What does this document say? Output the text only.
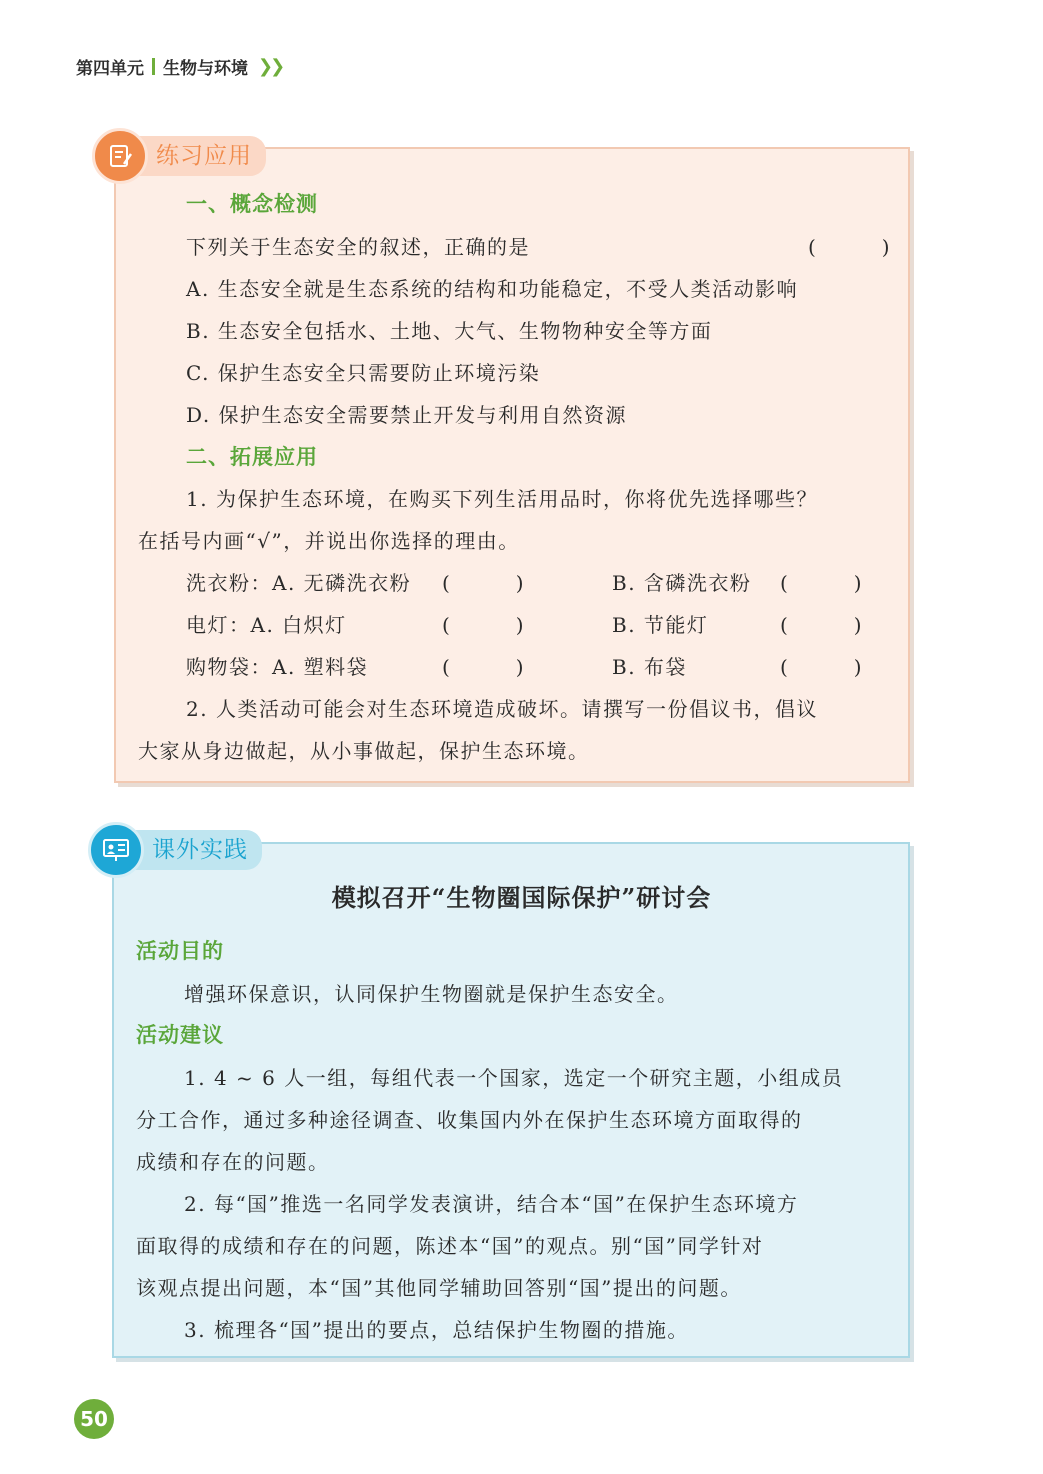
第四单元 生物与环境 ❯❯
练习应用
一、概念检测
下列关于生态安全的叙述，正确的是	(　　　)
A. 生态安全就是生态系统的结构和功能稳定，不受人类活动影响
B. 生态安全包括水、土地、大气、生物物种安全等方面
C. 保护生态安全只需要防止环境污染
D. 保护生态安全需要禁止开发与利用自然资源
二、拓展应用
1. 为保护生态环境，在购买下列生活用品时，你将优先选择哪些？
在括号内画“√”，并说出你选择的理由。
洗衣粉：A. 无磷洗衣粉 (　　　)	B. 含磷洗衣粉 (　　　)
电灯：A. 白炽灯	(　　　)	B. 节能灯	(　　　)
购物袋：A. 塑料袋	(　　　)	B. 布袋	(　　　)
2. 人类活动可能会对生态环境造成破坏。请撰写一份倡议书，倡议
大家从身边做起，从小事做起，保护生态环境。
课外实践
模拟召开“生物圈国际保护”研讨会
活动目的
增强环保意识，认同保护生物圈就是保护生态安全。
活动建议
1. 4 ~ 6 人一组，每组代表一个国家，选定一个研究主题，小组成员
分工合作，通过多种途径调查、收集国内外在保护生态环境方面取得的
成绩和存在的问题。
2. 每“国”推选一名同学发表演讲，结合本“国”在保护生态环境方
面取得的成绩和存在的问题，陈述本“国”的观点。别“国”同学针对
该观点提出问题，本“国”其他同学辅助回答别“国”提出的问题。
3. 梳理各“国”提出的要点，总结保护生物圈的措施。
50
